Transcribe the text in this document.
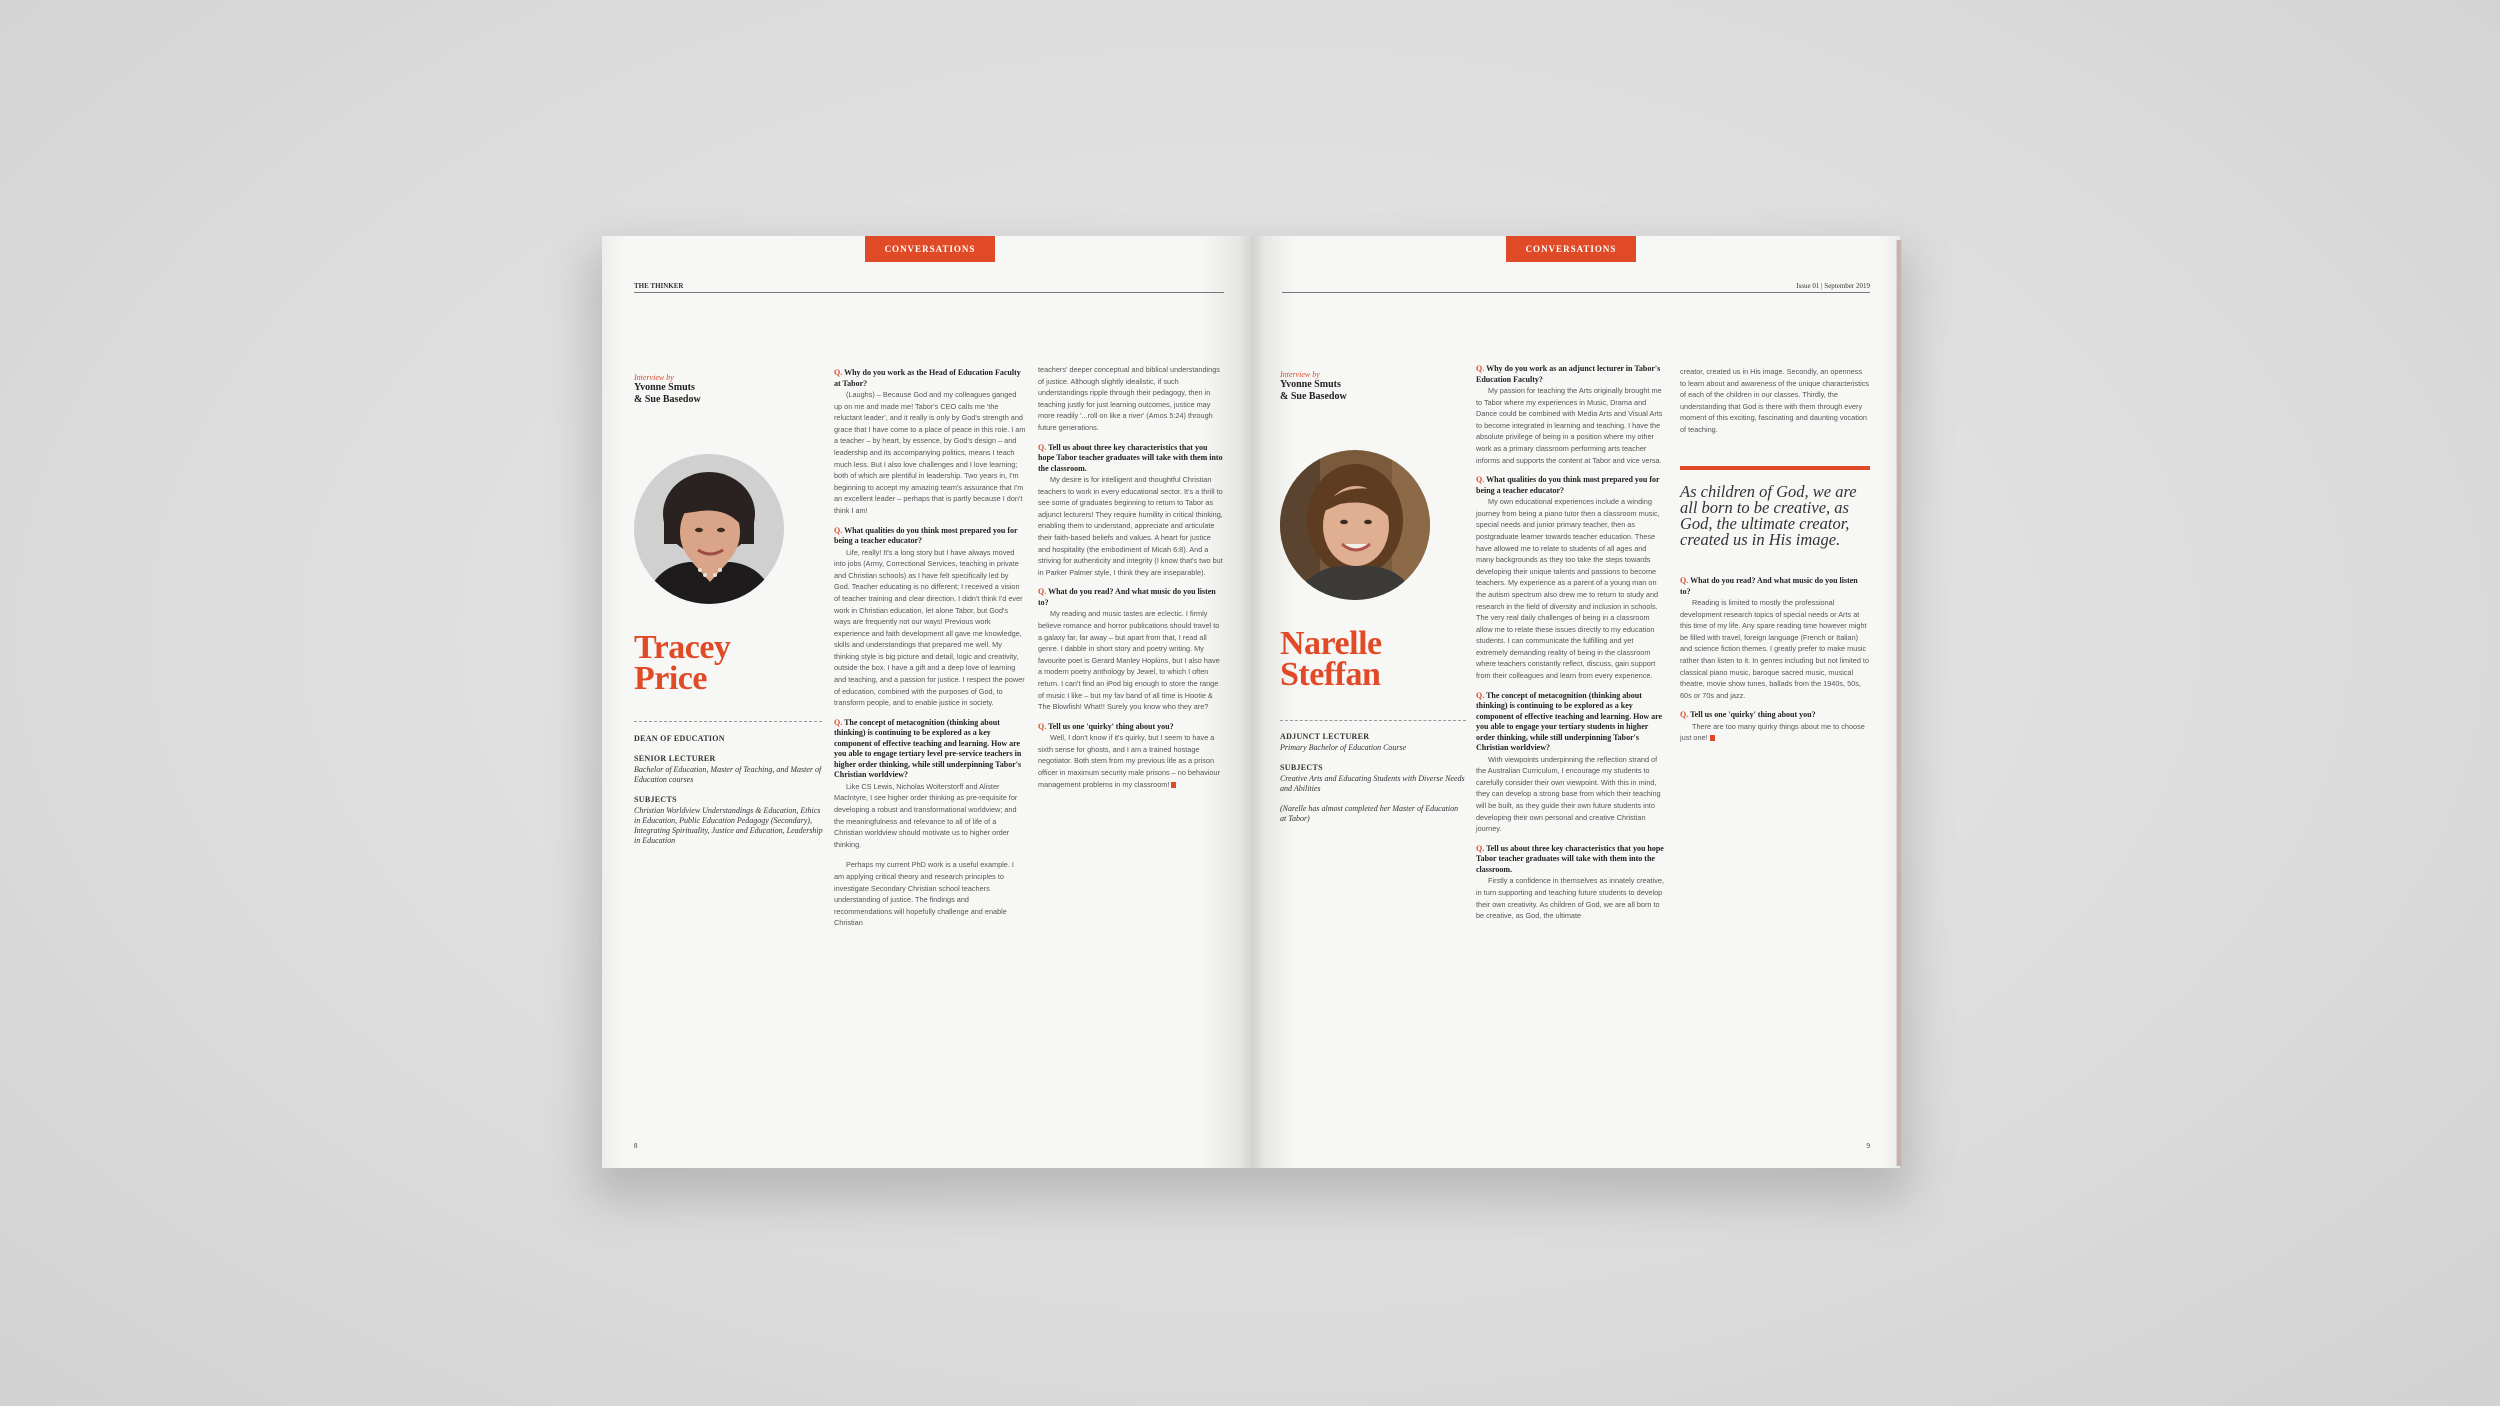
CONVERSATIONS
THE THINKER
Interview by
Yvonne Smuts
& Sue Basedow
Tracey
Price
DEAN OF EDUCATION
SENIOR LECTURER
Bachelor of Education, Master of Teaching, and Master of Education courses
SUBJECTS
Christian Worldview Understandings & Education, Ethics in Education, Public Education Pedagogy (Secondary), Integrating Spirituality, Justice and Education, Leadership in Education

Q. Why do you work as the Head of Education Faculty at Tabor?

(Laughs) – Because God and my colleagues ganged up on me and made me! Tabor's CEO calls me 'the reluctant leader', and it really is only by God's strength and grace that I have come to a place of peace in this role. I am a teacher – by heart, by essence, by God's design – and leadership and its accompanying politics, means I teach much less. But I also love challenges and I love learning; both of which are plentiful in leadership. Two years in, I'm beginning to accept my amazing team's assurance that I'm an excellent leader – perhaps that is partly because I don't think I am!

Q. What qualities do you think most prepared you for being a teacher educator?

Life, really! It's a long story but I have always moved into jobs (Army, Correctional Services, teaching in private and Christian schools) as I have felt specifically led by God. Teacher educating is no different; I received a vision of teacher training and clear direction. I didn't think I'd ever work in Christian education, let alone Tabor, but God's ways are frequently not our ways! Previous work experience and faith development all gave me knowledge, skills and understandings that prepared me well. My thinking style is big picture and detail, logic and creativity, outside the box. I have a gift and a deep love of learning and teaching, and a passion for justice. I respect the power of education, combined with the purposes of God, to transform people, and to enable justice in society.

Q. The concept of metacognition (thinking about thinking) is continuing to be explored as a key component of effective teaching and learning. How are you able to engage tertiary level pre-service teachers in higher order thinking, while still underpinning Tabor's Christian worldview?

Like CS Lewis, Nicholas Wolterstorff and Alister MacIntyre, I see higher order thinking as pre-requisite for developing a robust and transformational worldview; and the meaningfulness and relevance to all of life of a Christian worldview should motivate us to higher order thinking.

Perhaps my current PhD work is a useful example. I am applying critical theory and research principles to investigate Secondary Christian school teachers understanding of justice. The findings and recommendations will hopefully challenge and enable Christian

teachers' deeper conceptual and biblical understandings of justice. Although slightly idealistic, if such understandings ripple through their pedagogy, then in teaching justly for just learning outcomes, justice may more readily '...roll on like a river' (Amos 5:24) through future generations.

Q. Tell us about three key characteristics that you hope Tabor teacher graduates will take with them into the classroom.

My desire is for intelligent and thoughtful Christian teachers to work in every educational sector. It's a thrill to see some of graduates beginning to return to Tabor as adjunct lecturers! They require humility in critical thinking, enabling them to understand, appreciate and articulate their faith-based beliefs and values. A heart for justice and hospitality (the embodiment of Micah 6:8). And a striving for authenticity and integrity (I know that's two but in Parker Palmer style, I think they are inseparable).

Q. What do you read? And what music do you listen to?

My reading and music tastes are eclectic. I firmly believe romance and horror publications should travel to a galaxy far, far away – but apart from that, I read all genre. I dabble in short story and poetry writing. My favourite poet is Gerard Manley Hopkins, but I also have a modern poetry anthology by Jewel, to which I often return. I can't find an iPod big enough to store the range of music I like – but my fav band of all time is Hootie & The Blowfish! What!! Surely you know who they are?

Q. Tell us one 'quirky' thing about you?

Well, I don't know if it's quirky, but I seem to have a sixth sense for ghosts, and I am a trained hostage negotiator. Both stem from my previous life as a prison officer in maximum security male prisons – no behaviour management problems in my classroom!

8
CONVERSATIONS
Issue 01 | September 2019
Interview by
Yvonne Smuts
& Sue Basedow
Narelle
Steffan
ADJUNCT LECTURER
Primary Bachelor of Education Course
SUBJECTS
Creative Arts and Educating Students with Diverse Needs and Abilities
(Narelle has almost completed her Master of Education at Tabor)

Q. Why do you work as an adjunct lecturer in Tabor's Education Faculty?

My passion for teaching the Arts originally brought me to Tabor where my experiences in Music, Drama and Dance could be combined with Media Arts and Visual Arts to become integrated in learning and teaching. I have the absolute privilege of being in a position where my other work as a primary classroom performing arts teacher informs and supports the content at Tabor and vice versa.

Q. What qualities do you think most prepared you for being a teacher educator?

My own educational experiences include a winding journey from being a piano tutor then a classroom music, special needs and junior primary teacher, then as postgraduate learner towards teacher education. These have allowed me to relate to students of all ages and many backgrounds as they too take the steps towards developing their unique talents and passions to become teachers. My experience as a parent of a young man on the autism spectrum also drew me to return to study and research in the field of diversity and inclusion in schools. The very real daily challenges of being in a classroom allow me to relate these issues directly to my education students. I can communicate the fulfilling and yet extremely demanding reality of being in the classroom where teachers constantly reflect, discuss, gain support from their colleagues and learn from every experience.

Q. The concept of metacognition (thinking about thinking) is continuing to be explored as a key component of effective teaching and learning. How are you able to engage your tertiary students in higher order thinking, while still underpinning Tabor's Christian worldview?

With viewpoints underpinning the reflection strand of the Australian Curriculum, I encourage my students to carefully consider their own viewpoint. With this in mind, they can develop a strong base from which their teaching will be built, as they guide their own future students into developing their own personal and creative Christian journey.

Q. Tell us about three key characteristics that you hope Tabor teacher graduates will take with them into the classroom.

Firstly a confidence in themselves as innately creative, in turn supporting and teaching future students to develop their own creativity. As children of God, we are all born to be creative, as God, the ultimate

creator, created us in His image. Secondly, an openness to learn about and awareness of the unique characteristics of each of the children in our classes. Thirdly, the understanding that God is there with them through every moment of this exciting, fascinating and daunting vocation of teaching.

As children of God, we are all born to be creative, as God, the ultimate creator, created us in His image.

Q. What do you read? And what music do you listen to?

Reading is limited to mostly the professional development research topics of special needs or Arts at this time of my life. Any spare reading time however might be filled with travel, foreign language (French or Italian) and science fiction themes. I greatly prefer to make music rather than listen to it. In genres including but not limited to classical piano music, baroque sacred music, musical theatre, movie show tunes, ballads from the 1940s, 50s, 60s or 70s and jazz.

Q. Tell us one 'quirky' thing about you?

There are too many quirky things about me to choose just one!

9
